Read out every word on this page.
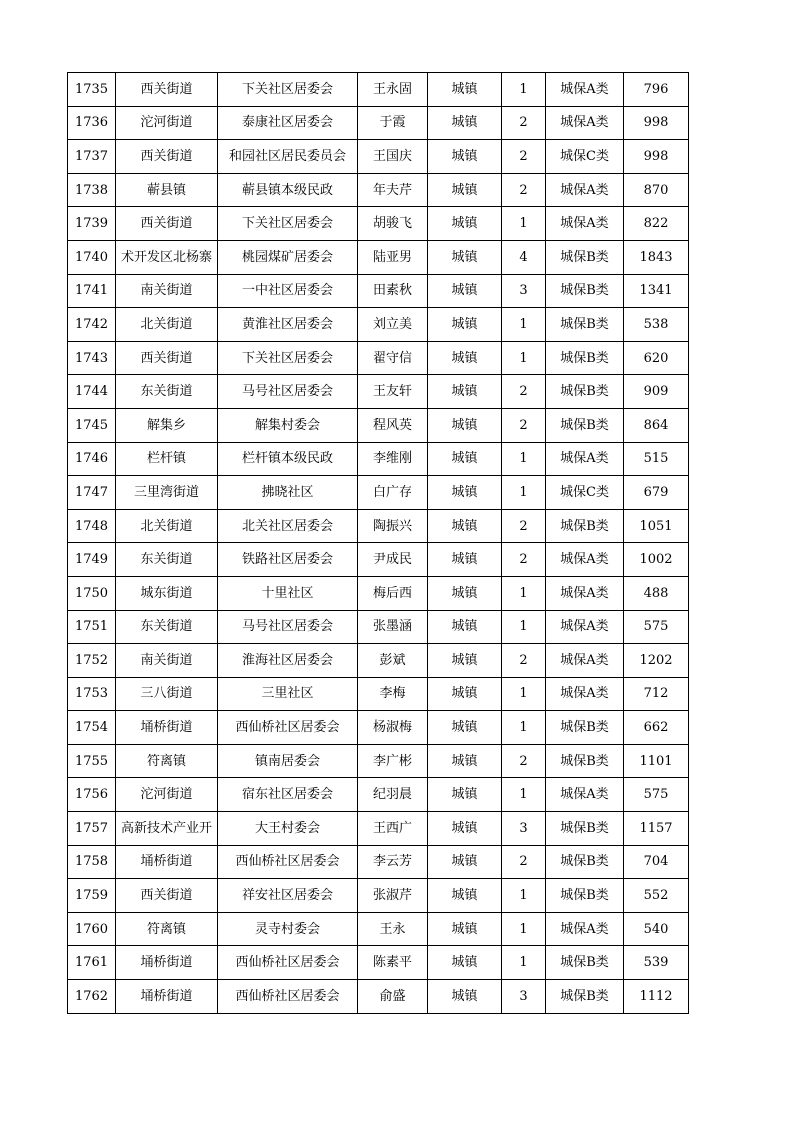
1735	西关街道	下关社区居委会	王永固	城镇	1	城保A类	796
1736	沱河街道	泰康社区居委会	于霞	城镇	2	城保A类	998
1737	西关街道	和园社区居民委员会	王国庆	城镇	2	城保C类	998
1738	蕲县镇	蕲县镇本级民政	年夫芹	城镇	2	城保A类	870
1739	西关街道	下关社区居委会	胡骏飞	城镇	1	城保A类	822
1740	术开发区北杨寨	桃园煤矿居委会	陆亚男	城镇	4	城保B类	1843
1741	南关街道	一中社区居委会	田素秋	城镇	3	城保B类	1341
1742	北关街道	黄淮社区居委会	刘立美	城镇	1	城保B类	538
1743	西关街道	下关社区居委会	翟守信	城镇	1	城保B类	620
1744	东关街道	马号社区居委会	王友轩	城镇	2	城保B类	909
1745	解集乡	解集村委会	程风英	城镇	2	城保B类	864
1746	栏杆镇	栏杆镇本级民政	李维刚	城镇	1	城保A类	515
1747	三里湾街道	拂晓社区	白广存	城镇	1	城保C类	679
1748	北关街道	北关社区居委会	陶振兴	城镇	2	城保B类	1051
1749	东关街道	铁路社区居委会	尹成民	城镇	2	城保A类	1002
1750	城东街道	十里社区	梅后西	城镇	1	城保A类	488
1751	东关街道	马号社区居委会	张墨涵	城镇	1	城保A类	575
1752	南关街道	淮海社区居委会	彭斌	城镇	2	城保A类	1202
1753	三八街道	三里社区	李梅	城镇	1	城保A类	712
1754	埇桥街道	西仙桥社区居委会	杨淑梅	城镇	1	城保B类	662
1755	符离镇	镇南居委会	李广彬	城镇	2	城保B类	1101
1756	沱河街道	宿东社区居委会	纪羽晨	城镇	1	城保A类	575
1757	高新技术产业开	大王村委会	王西广	城镇	3	城保B类	1157
1758	埇桥街道	西仙桥社区居委会	李云芳	城镇	2	城保B类	704
1759	西关街道	祥安社区居委会	张淑芹	城镇	1	城保B类	552
1760	符离镇	灵寺村委会	王永	城镇	1	城保A类	540
1761	埇桥街道	西仙桥社区居委会	陈素平	城镇	1	城保B类	539
1762	埇桥街道	西仙桥社区居委会	俞盛	城镇	3	城保B类	1112
